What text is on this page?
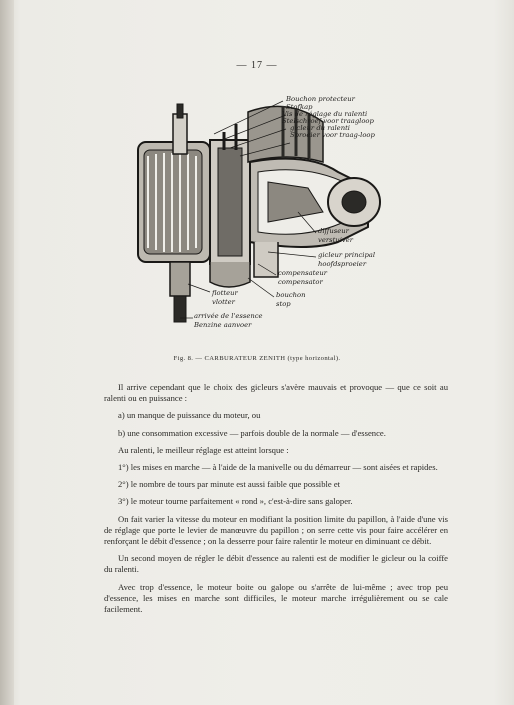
— 17 —
Bouchon protecteur
Stofkap
Vis de réglage du ralenti
Stelschroef voor traagloop
gicleur du ralenti
Sproeier voor traag-loop
diffuseur
verstuiver
gicleur principal
hoofdsproeier
compensateur
compensator
bouchon
stop
flotteur
vlotter
arrivée de l'essence
Benzine aanvoer
Fig. 8. — CARBURATEUR ZENITH (type horizontal).

Il arrive cependant que le choix des gicleurs s'avère mauvais et provoque — que ce soit au ralenti ou en puissance :

a) un manque de puissance du moteur, ou

b) une consommation excessive — parfois double de la normale — d'essence.

Au ralenti, le meilleur réglage est atteint lorsque :

1°) les mises en marche — à l'aide de la manivelle ou du démarreur — sont aisées et rapides.

2°) le nombre de tours par minute est aussi faible que possible et

3°) le moteur tourne parfaitement « rond », c'est-à-dire sans galoper.

On fait varier la vitesse du moteur en modifiant la position limite du papillon, à l'aide d'une vis de réglage que porte le levier de manœuvre du papillon ; on serre cette vis pour faire accélérer en renforçant le débit d'essence ; on la desserre pour faire ralentir le moteur en diminuant ce débit.

Un second moyen de régler le débit d'essence au ralenti est de modifier le gicleur ou la coiffe du ralenti.

Avec trop d'essence, le moteur boite ou galope ou s'arrête de lui-même ; avec trop peu d'essence, les mises en marche sont difficiles, le moteur marche irrégulièrement ou se cale facilement.
